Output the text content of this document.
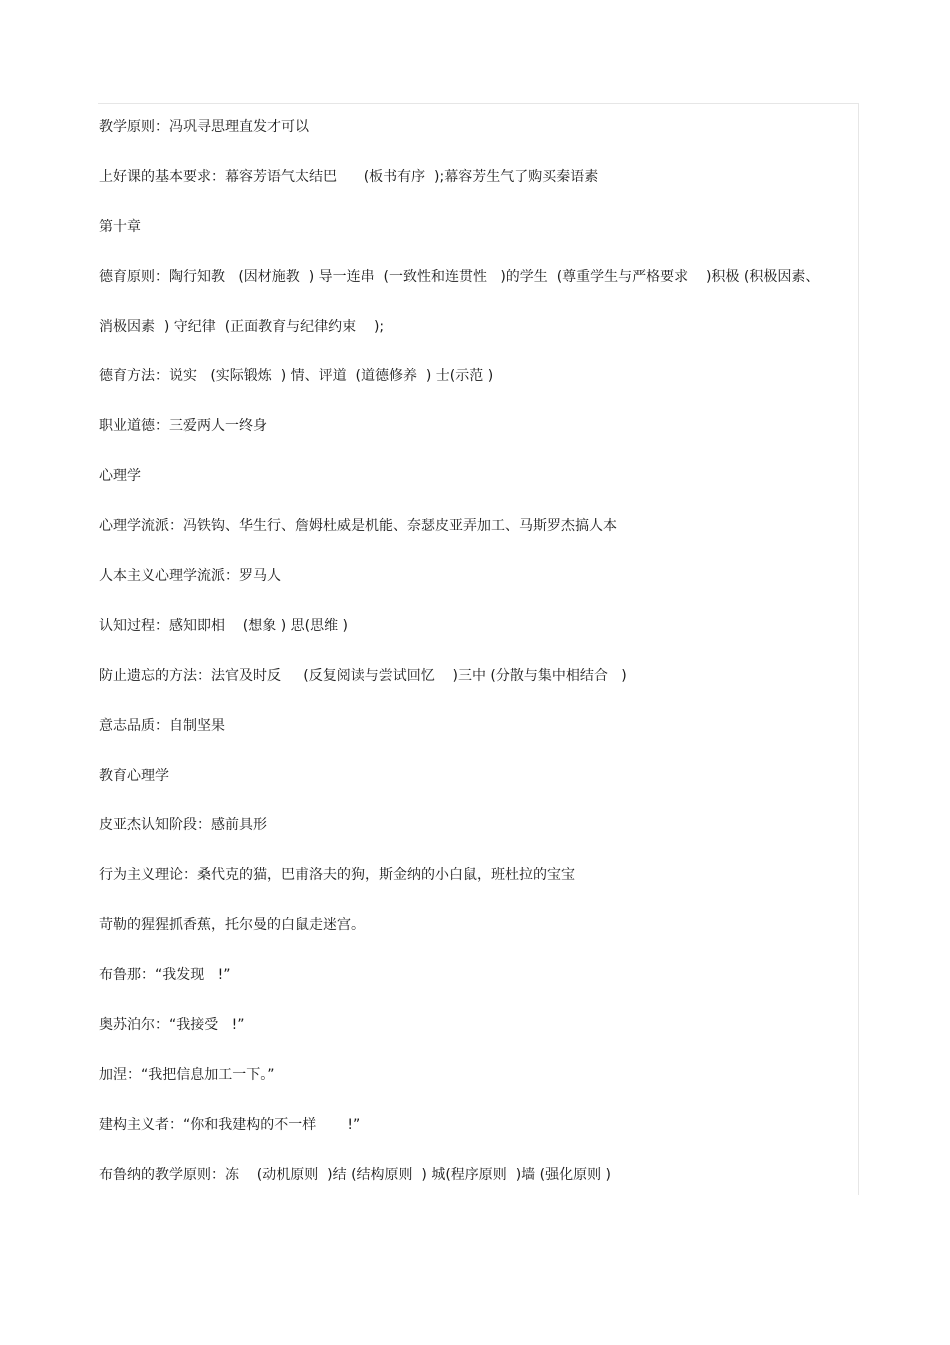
教学原则：冯巩寻思理直发才可以
上好课的基本要求：幕容芳语气太结巴      (板书有序  );幕容芳生气了购买秦语素
第十章
德育原则：陶行知教   (因材施教  ) 导一连串  (一致性和连贯性   )的学生  (尊重学生与严格要求    )积极 (积极因素、
消极因素  ) 守纪律  (正面教育与纪律约束    );
德育方法：说实   (实际锻炼  ) 情、评道  (道德修养  ) 士(示范 )
职业道德：三爱两人一终身
心理学
心理学流派：冯铁钩、华生行、詹姆杜威是机能、奈瑟皮亚弄加工、马斯罗杰搞人本
人本主义心理学流派：罗马人
认知过程：感知即相    (想象 ) 思(思维 )
防止遗忘的方法：法官及时反     (反复阅读与尝试回忆    )三中 (分散与集中相结合   )
意志品质：自制坚果
教育心理学
皮亚杰认知阶段：感前具形
行为主义理论：桑代克的猫，巴甫洛夫的狗，斯金纳的小白鼠，班杜拉的宝宝
苛勒的猩猩抓香蕉，托尔曼的白鼠走迷宫。
布鲁那：“我发现   !”
奥苏泊尔：“我接受   !”
加涅：“我把信息加工一下。”
建构主义者：“你和我建构的不一样       !”
布鲁纳的教学原则：冻    (动机原则  )结 (结构原则  ) 城(程序原则  )墙 (强化原则 )
